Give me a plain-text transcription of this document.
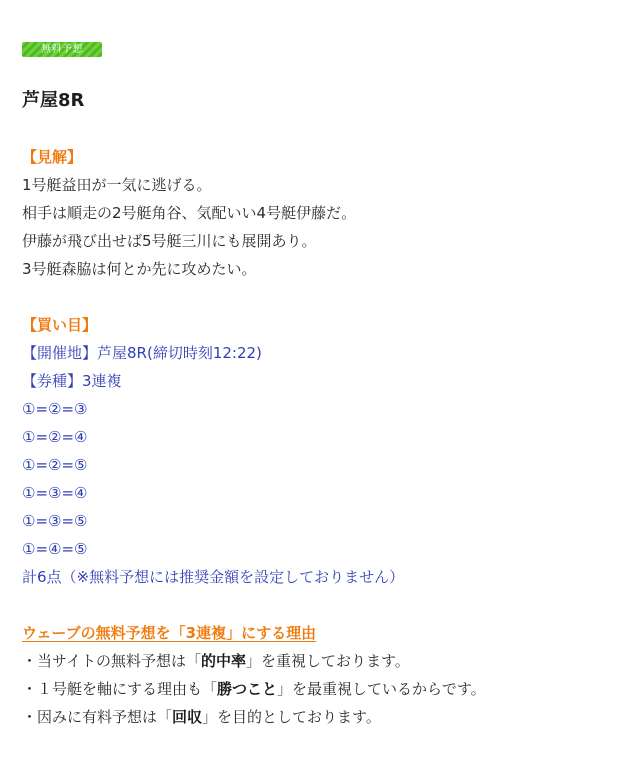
無料予想
芦屋8R
【見解】
1号艇益田が一気に逃げる。
相手は順走の2号艇角谷、気配いい4号艇伊藤だ。
伊藤が飛び出せば5号艇三川にも展開あり。
3号艇森脇は何とか先に攻めたい。
【買い目】
【開催地】芦屋8R(締切時刻12:22)
【券種】3連複
①=②=③
①=②=④
①=②=⑤
①=③=④
①=③=⑤
①=④=⑤
計6点（※無料予想には推奨金額を設定しておりません）
ウェーブの無料予想を「3連複」にする理由
・当サイトの無料予想は「的中率」を重視しております。
・１号艇を軸にする理由も「勝つこと」を最重視しているからです。
・因みに有料予想は「回収」を目的としております。
